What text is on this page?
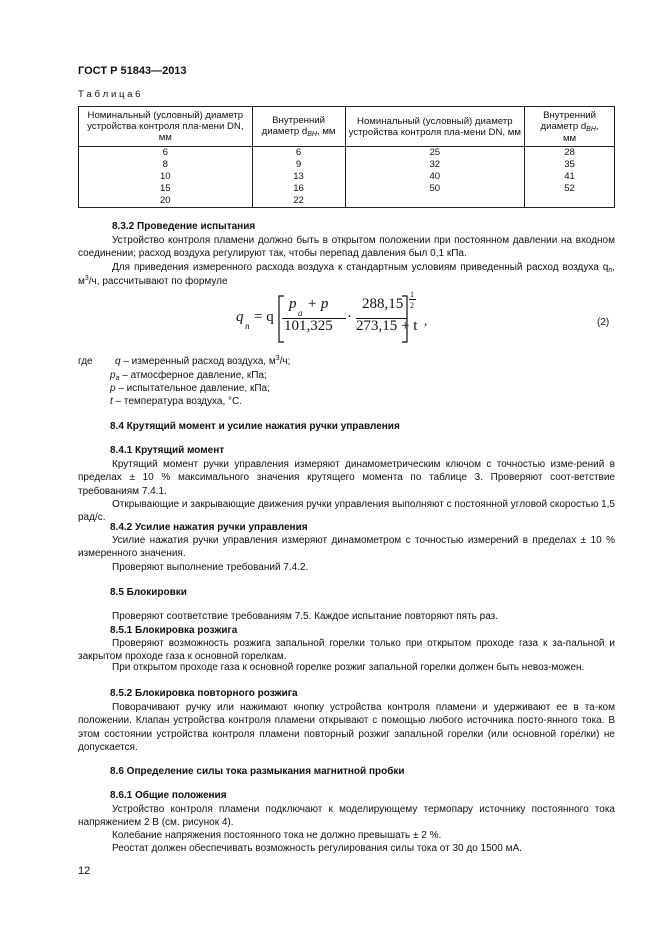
ГОСТ Р 51843—2013
Т а б л и ц а 6
Номинальный (условный) диаметр устройства контроля пла-мени DN, мм	Внутренний диаметр $d_{ВН}$, мм	Номинальный (условный) диаметр устройства контроля пла-мени DN, мм	Внутренний диаметр $d_{ВН}$,
мм
6	6	25	28
8	9	32	35
10	13	40	41
15	16	50	52
20	22		
8.3.2 Проведение испытания
Устройство контроля пламени должно быть в открытом положении при постоянном давлении на входном соединении; расход воздуха регулируют так, чтобы перепад давления был 0,1 кПа.
Для приведения измеренного расхода воздуха к стандартным условиям приведенный расход воздуха $q_n$, $м^3/ч$, рассчитывают по формуле
q
n
= q
p
a
+ p
101,325
·
288,15
273,15 + t
1
2
,	(2)
где q – измеренный расход воздуха, $м^3/ч$;
$p_a$ – атмосферное давление, кПа;
p – испытательное давление, кПа;
t – температура воздуха, °С.
8.4 Крутящий момент и усилие нажатия ручки управления
8.4.1 Крутящий момент
Крутящий момент ручки управления измеряют динамометрическим ключом с точностью изме-рений в пределах ± 10 % максимального значения крутящего момента по таблице 3. Проверяют соот-ветствие требованиям 7.4.1.
Открывающие и закрывающие движения ручки управления выполняют с постоянной угловой скоростью 1,5 рад/с.
8.4.2 Усилие нажатия ручки управления
Усилие нажатия ручки управления измеряют динамометром с точностью измерений в пределах ± 10 % измеренного значения.
Проверяют выполнение требований 7.4.2.
8.5 Блокировки
Проверяют соответствие требованиям 7.5. Каждое испытание повторяют пять раз.
8.5.1 Блокировка розжига
Проверяют возможность розжига запальной горелки только при открытом проходе газа к за-пальной и закрытом проходе газа к основной горелкам.
При открытом проходе газа к основной горелке розжиг запальной горелки должен быть невоз-можен.
8.5.2 Блокировка повторного розжига
Поворачивают ручку или нажимают кнопку устройства контроля пламени и удерживают ее в та-ком положении. Клапан устройства контроля пламени открывают с помощью любого источника посто-янного тока. В этом состоянии устройства контроля пламени повторный розжиг запальной горелки (или основной горелки) не допускается.
8.6 Определение силы тока размыкания магнитной пробки
8.6.1 Общие положения
Устройство контроля пламени подключают к моделирующему термопару источнику постоянного тока напряжением 2 В (см. рисунок 4).
Колебание напряжения постоянного тока не должно превышать ± 2 %.
Реостат должен обеспечивать возможность регулирования силы тока от 30 до 1500 мА.
12
